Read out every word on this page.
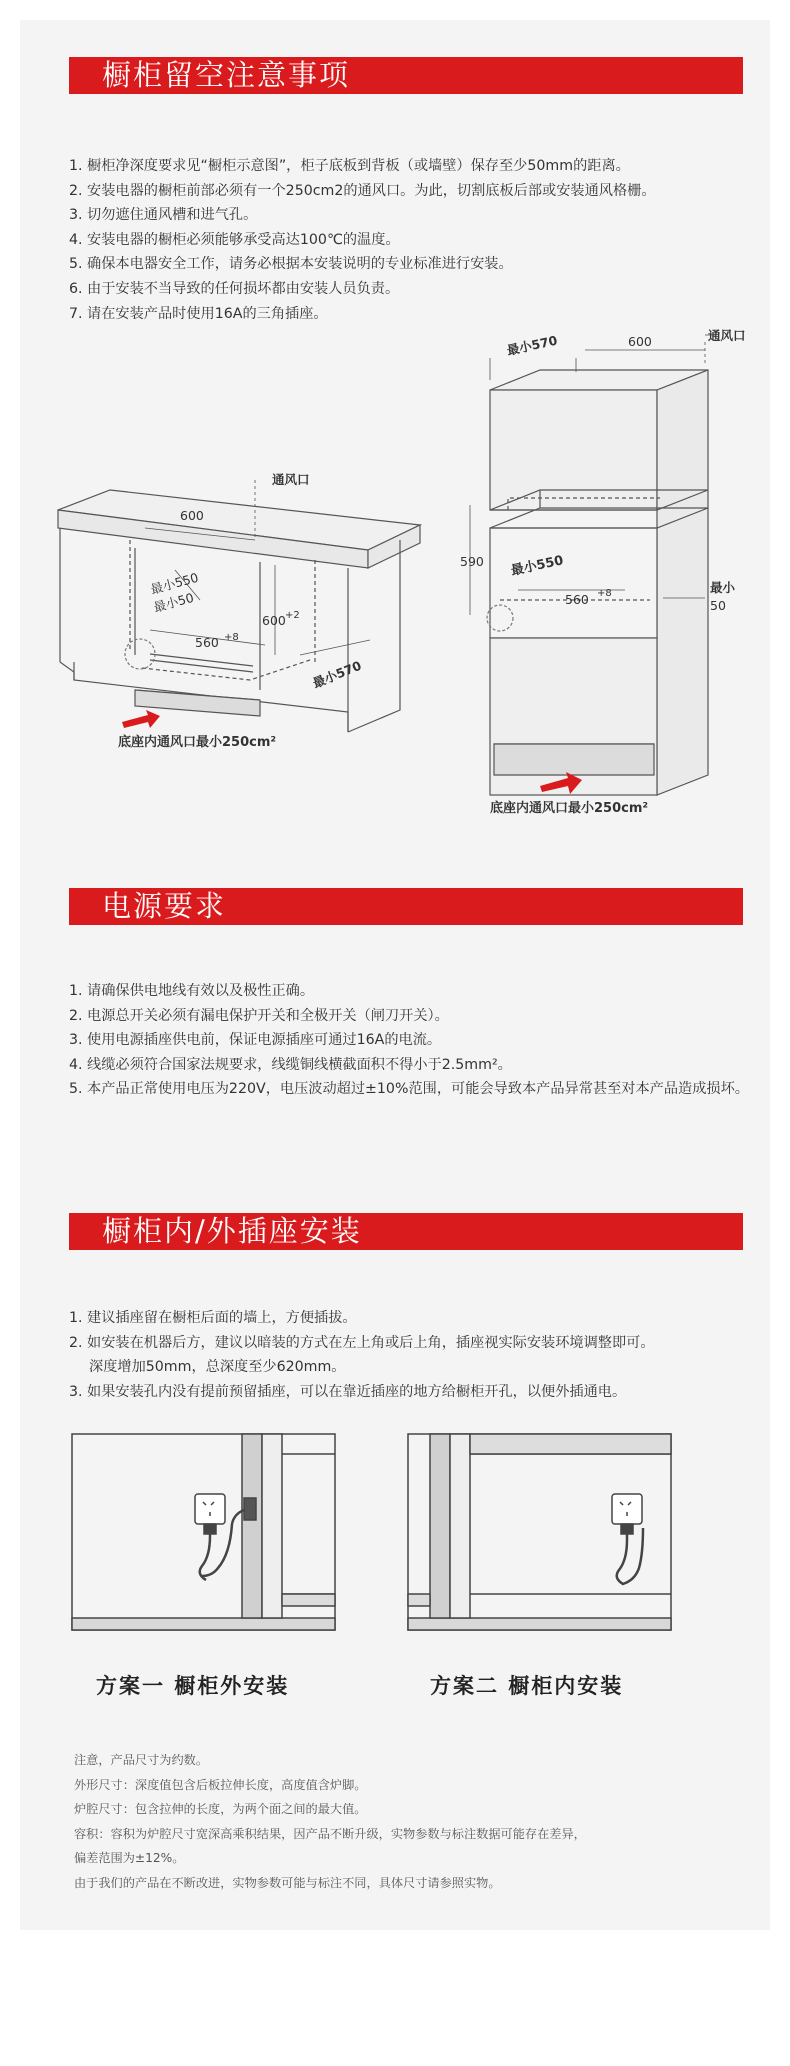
橱柜留空注意事项
1. 橱柜净深度要求见“橱柜示意图”，柜子底板到背板（或墙壁）保存至少50mm的距离。
2. 安装电器的橱柜前部必须有一个250cm2的通风口。为此，切割底板后部或安装通风格栅。
3. 切勿遮住通风槽和进气孔。
4. 安装电器的橱柜必须能够承受高达100℃的温度。
5. 确保本电器安全工作，请务必根据本安装说明的专业标准进行安装。
6. 由于安装不当导致的任何损坏都由安装人员负责。
7. 请在安装产品时使用16A的三角插座。
通风口
600
最小550
最小50
600 +2
560 +8
最小570
底座内通风口最小250cm²
最小570	600	通风口
590 最小550
560 +8	最小
50
底座内通风口最小250cm²
电源要求
1. 请确保供电地线有效以及极性正确。
2. 电源总开关必须有漏电保护开关和全极开关（闸刀开关）。
3. 使用电源插座供电前，保证电源插座可通过16A的电流。
4. 线缆必须符合国家法规要求，线缆铜线横截面积不得小于2.5mm²。
5. 本产品正常使用电压为220V，电压波动超过±10%范围，可能会导致本产品异常甚至对本产品造成损坏。
橱柜内/外插座安装
1. 建议插座留在橱柜后面的墙上，方便插拔。
2. 如安装在机器后方，建议以暗装的方式在左上角或后上角，插座视实际安装环境调整即可。
深度增加50mm，总深度至少620mm。
3. 如果安装孔内没有提前预留插座，可以在靠近插座的地方给橱柜开孔，以便外插通电。
方案一 橱柜外安装	方案二 橱柜内安装
注意，产品尺寸为约数。
外形尺寸：深度值包含后板拉伸长度，高度值含炉脚。
炉腔尺寸：包含拉伸的长度，为两个面之间的最大值。
容积：容积为炉腔尺寸宽深高乘积结果，因产品不断升级，实物参数与标注数据可能存在差异，
偏差范围为±12%。
由于我们的产品在不断改进，实物参数可能与标注不同，具体尺寸请参照实物。
